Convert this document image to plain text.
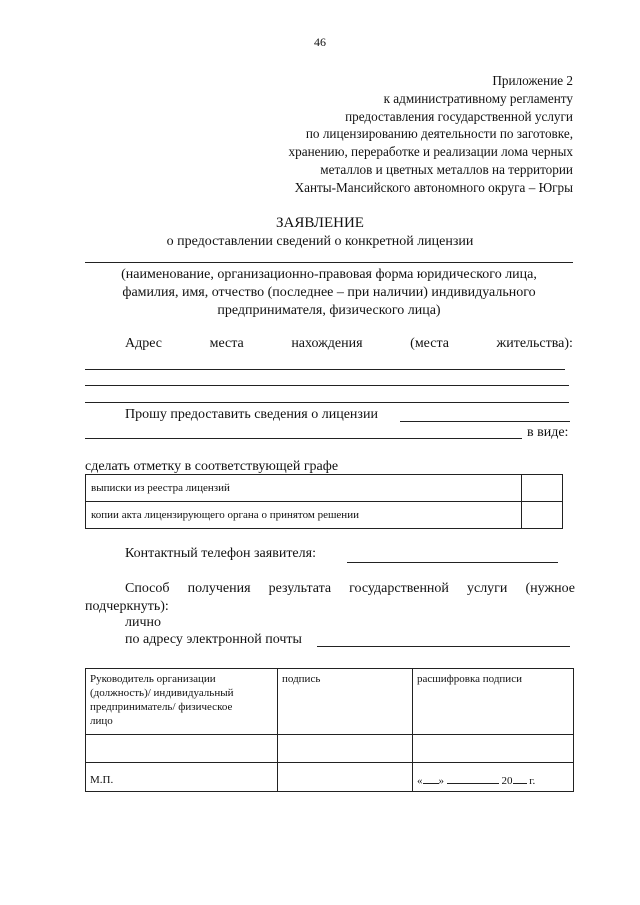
46
Приложение 2
к административному регламенту
предоставления государственной услуги
по лицензированию деятельности по заготовке,
хранению, переработке и реализации лома черных
металлов и цветных металлов на территории
Ханты-Мансийского автономного округа – Югры
ЗАЯВЛЕНИЕ
о предоставлении сведений о конкретной лицензии
(наименование, организационно-правовая форма юридического лица,
фамилия, имя, отчество (последнее – при наличии) индивидуального
предпринимателя, физического лица)
Адрес	места	нахождения	(места	жительства):
Прошу предоставить сведения о лицензии
в виде:
сделать отметку в соответствующей графе
выписки из реестра лицензий	
копии акта лицензирующего органа о принятом решении	
Контактный телефон заявителя:
Способ получения результата государственной услуги (нужное
подчеркнуть):
лично
по адресу электронной почты
Руководитель организации
(должность)/ индивидуальный
предприниматель/ физическое
лицо	подпись	расшифровка подписи

М.П.		« » 20 г.
